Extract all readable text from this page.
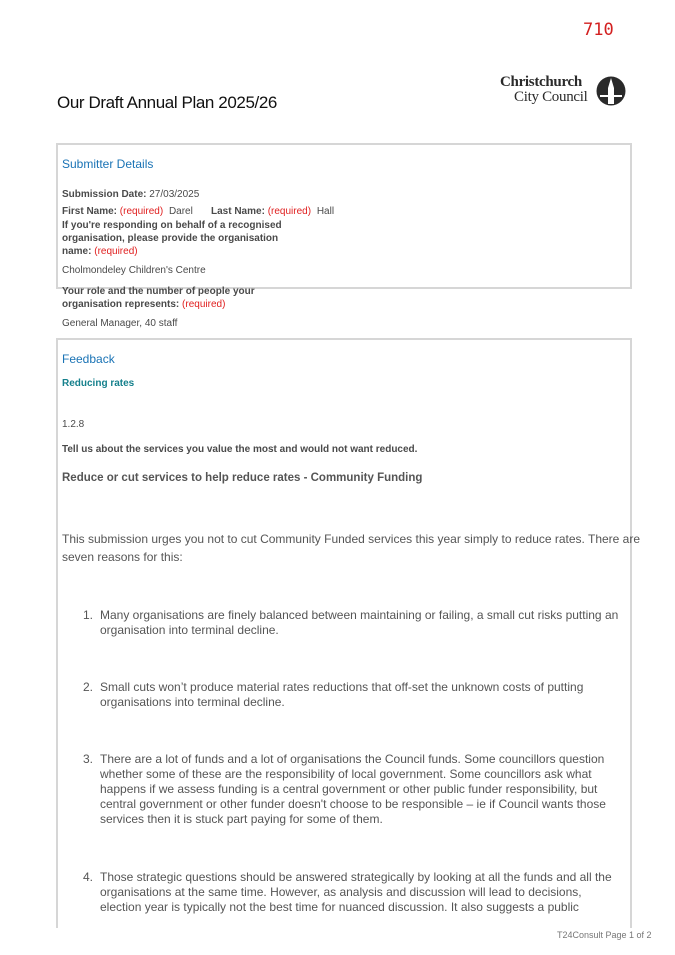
710
Our Draft Annual Plan 2025/26
Christchurch
City Council
Submitter Details
Submission Date: 27/03/2025
First Name: (required) Darel Last Name: (required) Hall
If you're responding on behalf of a recognised
organisation, please provide the organisation
name: (required)
Cholmondeley Children's Centre
Your role and the number of people your
organisation represents: (required)
General Manager, 40 staff
Feedback
Reducing rates
1.2.8
Tell us about the services you value the most and would not want reduced.
Reduce or cut services to help reduce rates - Community Funding
This submission urges you not to cut Community Funded services this year simply to reduce rates. There are
seven reasons for this:
1. Many organisations are finely balanced between maintaining or failing, a small cut risks putting an
organisation into terminal decline.
2. Small cuts won’t produce material rates reductions that off-set the unknown costs of putting
organisations into terminal decline.
3. There are a lot of funds and a lot of organisations the Council funds. Some councillors question
whether some of these are the responsibility of local government. Some councillors ask what
happens if we assess funding is a central government or other public funder responsibility, but
central government or other funder doesn't choose to be responsible – ie if Council wants those
services then it is stuck part paying for some of them.
4. Those strategic questions should be answered strategically by looking at all the funds and all the
organisations at the same time. However, as analysis and discussion will lead to decisions,
election year is typically not the best time for nuanced discussion. It also suggests a public
T24Consult Page 1 of 2
